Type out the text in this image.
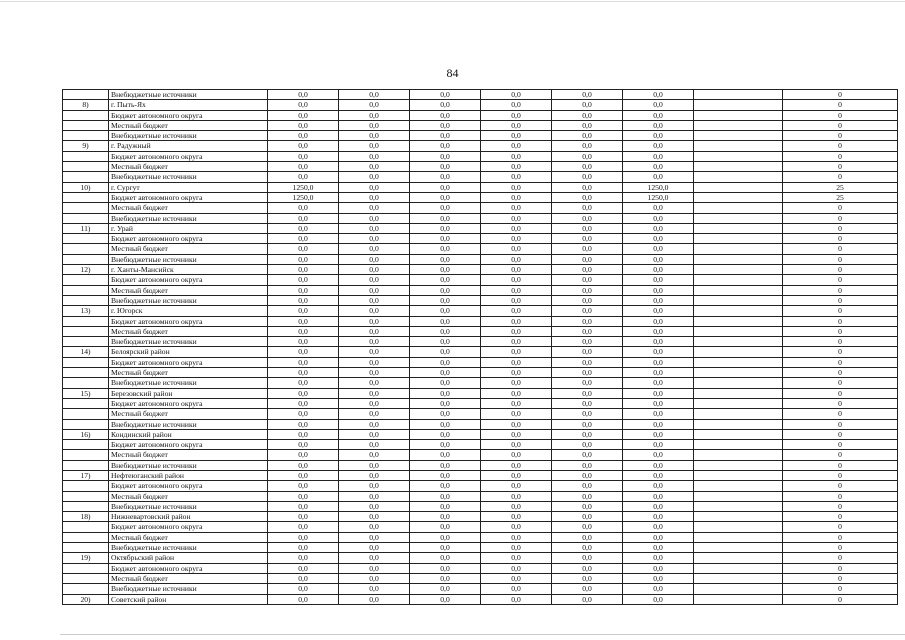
84
	Внебюджетные источники	0,0	0,0	0,0	0,0	0,0	0,0		0
8)	г. Пыть-Ях	0,0	0,0	0,0	0,0	0,0	0,0		0
	Бюджет автономного округа	0,0	0,0	0,0	0,0	0,0	0,0		0
	Местный бюджет	0,0	0,0	0,0	0,0	0,0	0,0		0
	Внебюджетные источники	0,0	0,0	0,0	0,0	0,0	0,0		0
9)	г. Радужный	0,0	0,0	0,0	0,0	0,0	0,0		0
	Бюджет автономного округа	0,0	0,0	0,0	0,0	0,0	0,0		0
	Местный бюджет	0,0	0,0	0,0	0,0	0,0	0,0		0
	Внебюджетные источники	0,0	0,0	0,0	0,0	0,0	0,0		0
10)	г. Сургут	1250,0	0,0	0,0	0,0	0,0	1250,0		25
	Бюджет автономного округа	1250,0	0,0	0,0	0,0	0,0	1250,0		25
	Местный бюджет	0,0	0,0	0,0	0,0	0,0	0,0		0
	Внебюджетные источники	0,0	0,0	0,0	0,0	0,0	0,0		0
11)	г. Урай	0,0	0,0	0,0	0,0	0,0	0,0		0
	Бюджет автономного округа	0,0	0,0	0,0	0,0	0,0	0,0		0
	Местный бюджет	0,0	0,0	0,0	0,0	0,0	0,0		0
	Внебюджетные источники	0,0	0,0	0,0	0,0	0,0	0,0		0
12)	г. Ханты-Мансийск	0,0	0,0	0,0	0,0	0,0	0,0		0
	Бюджет автономного округа	0,0	0,0	0,0	0,0	0,0	0,0		0
	Местный бюджет	0,0	0,0	0,0	0,0	0,0	0,0		0
	Внебюджетные источники	0,0	0,0	0,0	0,0	0,0	0,0		0
13)	г. Югорск	0,0	0,0	0,0	0,0	0,0	0,0		0
	Бюджет автономного округа	0,0	0,0	0,0	0,0	0,0	0,0		0
	Местный бюджет	0,0	0,0	0,0	0,0	0,0	0,0		0
	Внебюджетные источники	0,0	0,0	0,0	0,0	0,0	0,0		0
14)	Белоярский район	0,0	0,0	0,0	0,0	0,0	0,0		0
	Бюджет автономного округа	0,0	0,0	0,0	0,0	0,0	0,0		0
	Местный бюджет	0,0	0,0	0,0	0,0	0,0	0,0		0
	Внебюджетные источники	0,0	0,0	0,0	0,0	0,0	0,0		0
15)	Березовский район	0,0	0,0	0,0	0,0	0,0	0,0		0
	Бюджет автономного округа	0,0	0,0	0,0	0,0	0,0	0,0		0
	Местный бюджет	0,0	0,0	0,0	0,0	0,0	0,0		0
	Внебюджетные источники	0,0	0,0	0,0	0,0	0,0	0,0		0
16)	Кондинский район	0,0	0,0	0,0	0,0	0,0	0,0		0
	Бюджет автономного округа	0,0	0,0	0,0	0,0	0,0	0,0		0
	Местный бюджет	0,0	0,0	0,0	0,0	0,0	0,0		0
	Внебюджетные источники	0,0	0,0	0,0	0,0	0,0	0,0		0
17)	Нефтеюганский район	0,0	0,0	0,0	0,0	0,0	0,0		0
	Бюджет автономного округа	0,0	0,0	0,0	0,0	0,0	0,0		0
	Местный бюджет	0,0	0,0	0,0	0,0	0,0	0,0		0
	Внебюджетные источники	0,0	0,0	0,0	0,0	0,0	0,0		0
18)	Нижневартовский район	0,0	0,0	0,0	0,0	0,0	0,0		0
	Бюджет автономного округа	0,0	0,0	0,0	0,0	0,0	0,0		0
	Местный бюджет	0,0	0,0	0,0	0,0	0,0	0,0		0
	Внебюджетные источники	0,0	0,0	0,0	0,0	0,0	0,0		0
19)	Октябрьский район	0,0	0,0	0,0	0,0	0,0	0,0		0
	Бюджет автономного округа	0,0	0,0	0,0	0,0	0,0	0,0		0
	Местный бюджет	0,0	0,0	0,0	0,0	0,0	0,0		0
	Внебюджетные источники	0,0	0,0	0,0	0,0	0,0	0,0		0
20)	Советский район	0,0	0,0	0,0	0,0	0,0	0,0		0
